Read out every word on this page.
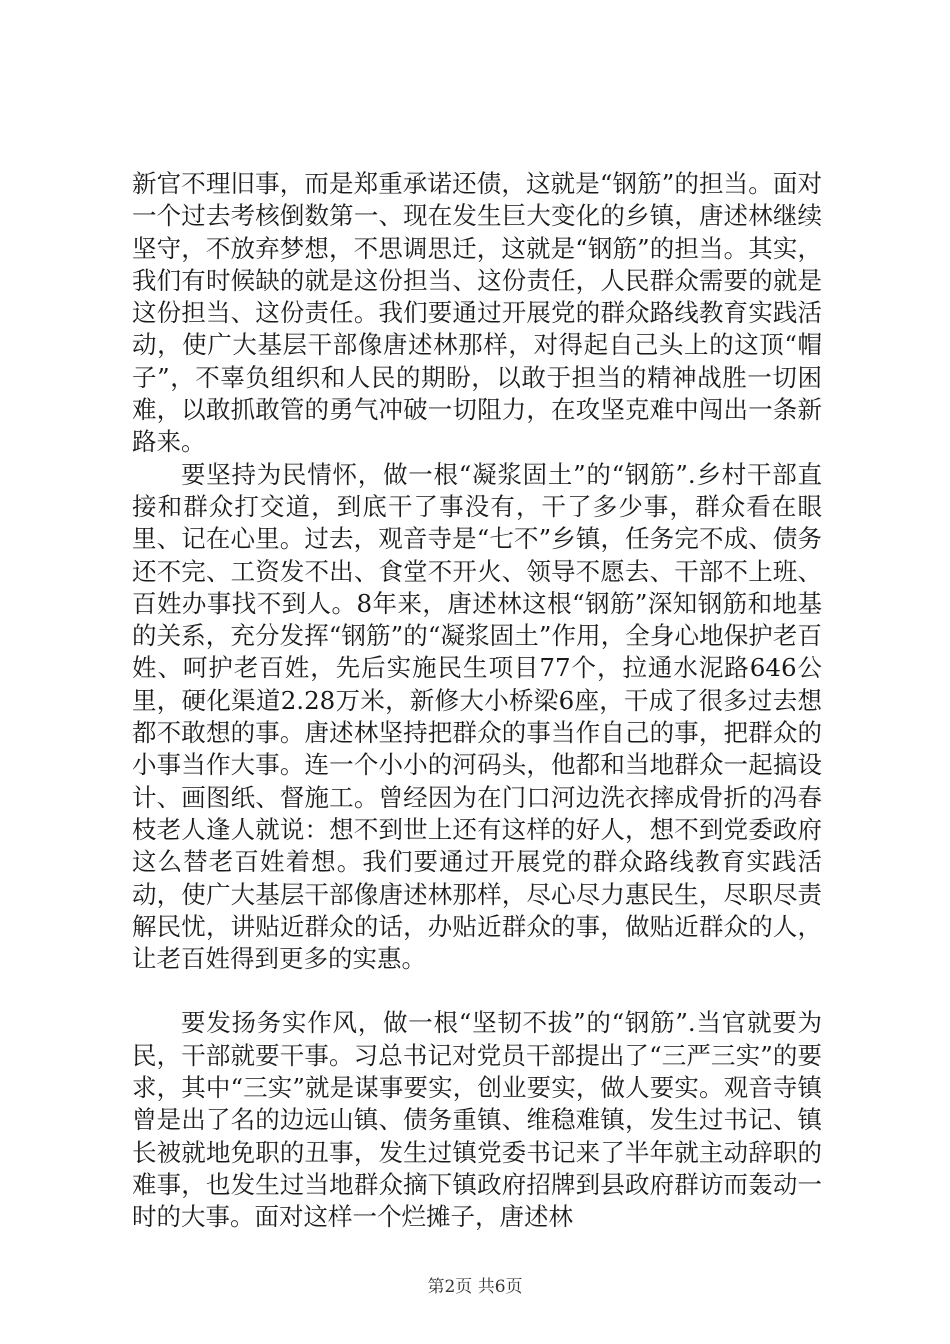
新官不理旧事，而是郑重承诺还债，这就是“钢筋”的担当。面对一个过去考核倒数第一、现在发生巨大变化的乡镇，唐述林继续坚守，不放弃梦想，不思调思迁，这就是“钢筋”的担当。其实，我们有时候缺的就是这份担当、这份责任，人民群众需要的就是这份担当、这份责任。我们要通过开展党的群众路线教育实践活动，使广大基层干部像唐述林那样，对得起自己头上的这顶“帽子”，不辜负组织和人民的期盼，以敢于担当的精神战胜一切困难，以敢抓敢管的勇气冲破一切阻力，在攻坚克难中闯出一条新路来。

要坚持为民情怀，做一根“凝浆固土”的“钢筋”.乡村干部直接和群众打交道，到底干了事没有，干了多少事，群众看在眼里、记在心里。过去，观音寺是“七不”乡镇，任务完不成、债务还不完、工资发不出、食堂不开火、领导不愿去、干部不上班、百姓办事找不到人。8年来，唐述林这根“钢筋”深知钢筋和地基的关系，充分发挥“钢筋”的“凝浆固土”作用，全身心地保护老百姓、呵护老百姓，先后实施民生项目77个，拉通水泥路646公里，硬化渠道2.28万米，新修大小桥梁6座，干成了很多过去想都不敢想的事。唐述林坚持把群众的事当作自己的事，把群众的小事当作大事。连一个小小的河码头，他都和当地群众一起搞设计、画图纸、督施工。曾经因为在门口河边洗衣摔成骨折的冯春枝老人逢人就说：想不到世上还有这样的好人，想不到党委政府这么替老百姓着想。我们要通过开展党的群众路线教育实践活动，使广大基层干部像唐述林那样，尽心尽力惠民生，尽职尽责解民忧，讲贴近群众的话，办贴近群众的事，做贴近群众的人，让老百姓得到更多的实惠。

要发扬务实作风，做一根“坚韧不拔”的“钢筋”.当官就要为民，干部就要干事。习总书记对党员干部提出了“三严三实”的要求，其中“三实”就是谋事要实，创业要实，做人要实。观音寺镇曾是出了名的边远山镇、债务重镇、维稳难镇，发生过书记、镇长被就地免职的丑事，发生过镇党委书记来了半年就主动辞职的难事，也发生过当地群众摘下镇政府招牌到县政府群访而轰动一时的大事。面对这样一个烂摊子，唐述林

第2页 共6页
